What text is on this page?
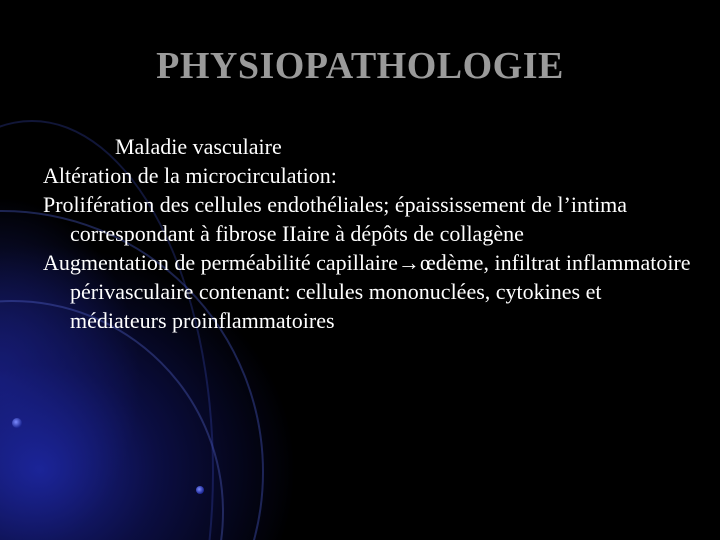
PHYSIOPATHOLOGIE
Maladie vasculaire
Altération de la microcirculation:
Prolifération des cellules endothéliales; épaississement de l’intima correspondant à fibrose IIaire à dépôts de collagène
Augmentation de perméabilité capillaire→œdème, infiltrat inflammatoire périvasculaire contenant: cellules mononuclées, cytokines et médiateurs proinflammatoires
